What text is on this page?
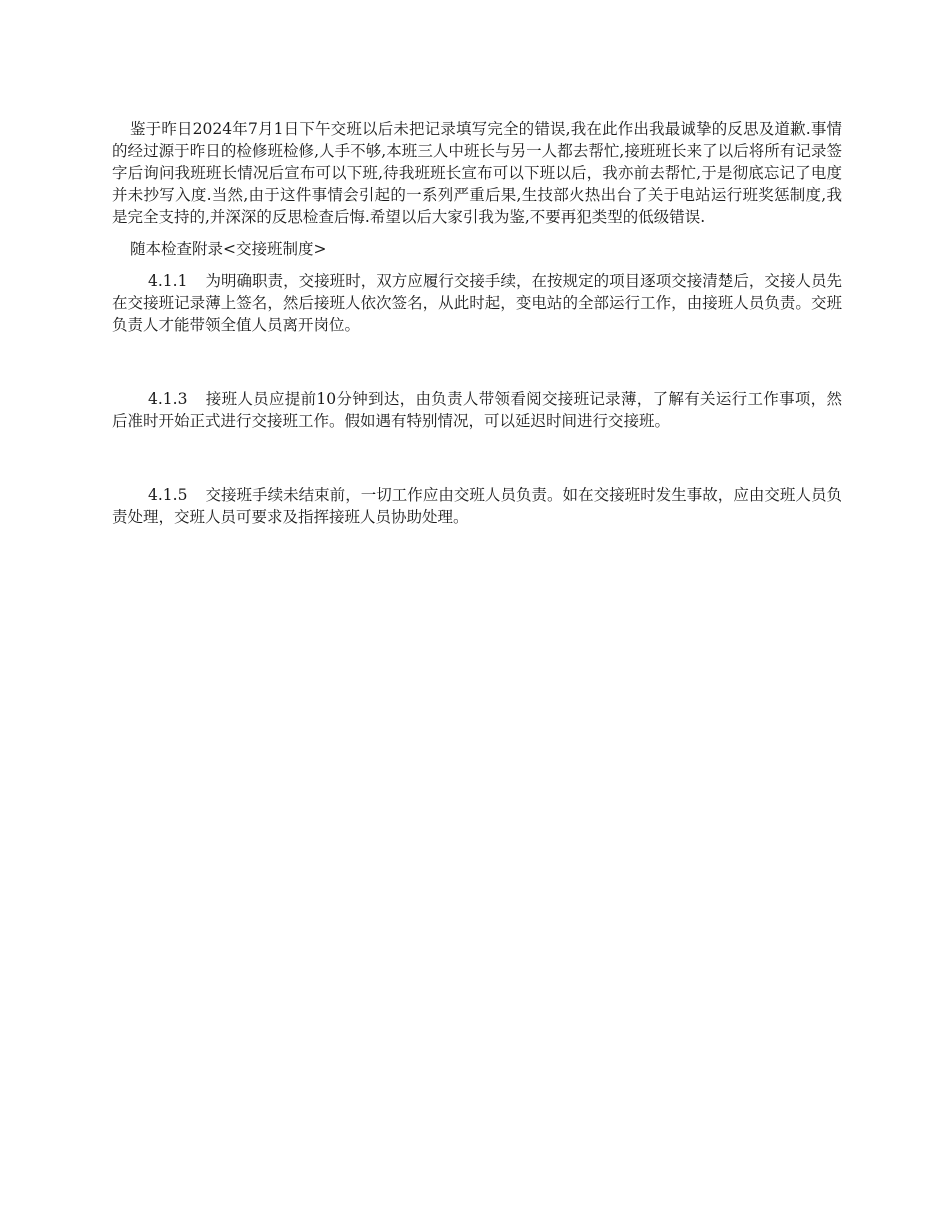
鉴于昨日2024年7月1日下午交班以后未把记录填写完全的错误,我在此作出我最诚挚的反思及道歉.事情的经过源于昨日的检修班检修,人手不够,本班三人中班长与另一人都去帮忙,接班班长来了以后将所有记录签字后询问我班班长情况后宣布可以下班,待我班班长宣布可以下班以后，我亦前去帮忙,于是彻底忘记了电度并未抄写入度.当然,由于这件事情会引起的一系列严重后果,生技部火热出台了关于电站运行班奖惩制度,我是完全支持的,并深深的反思检查后悔.希望以后大家引我为鉴,不要再犯类型的低级错误.

随本检查附录<交接班制度>

4.1.1 为明确职责，交接班时，双方应履行交接手续，在按规定的项目逐项交接清楚后，交接人员先在交接班记录薄上签名，然后接班人依次签名，从此时起，变电站的全部运行工作，由接班人员负责。交班负责人才能带领全值人员离开岗位。

4.1.3 接班人员应提前10分钟到达，由负责人带领看阅交接班记录薄，了解有关运行工作事项，然后准时开始正式进行交接班工作。假如遇有特别情况，可以延迟时间进行交接班。

4.1.5 交接班手续未结束前，一切工作应由交班人员负责。如在交接班时发生事故，应由交班人员负责处理，交班人员可要求及指挥接班人员协助处理。
